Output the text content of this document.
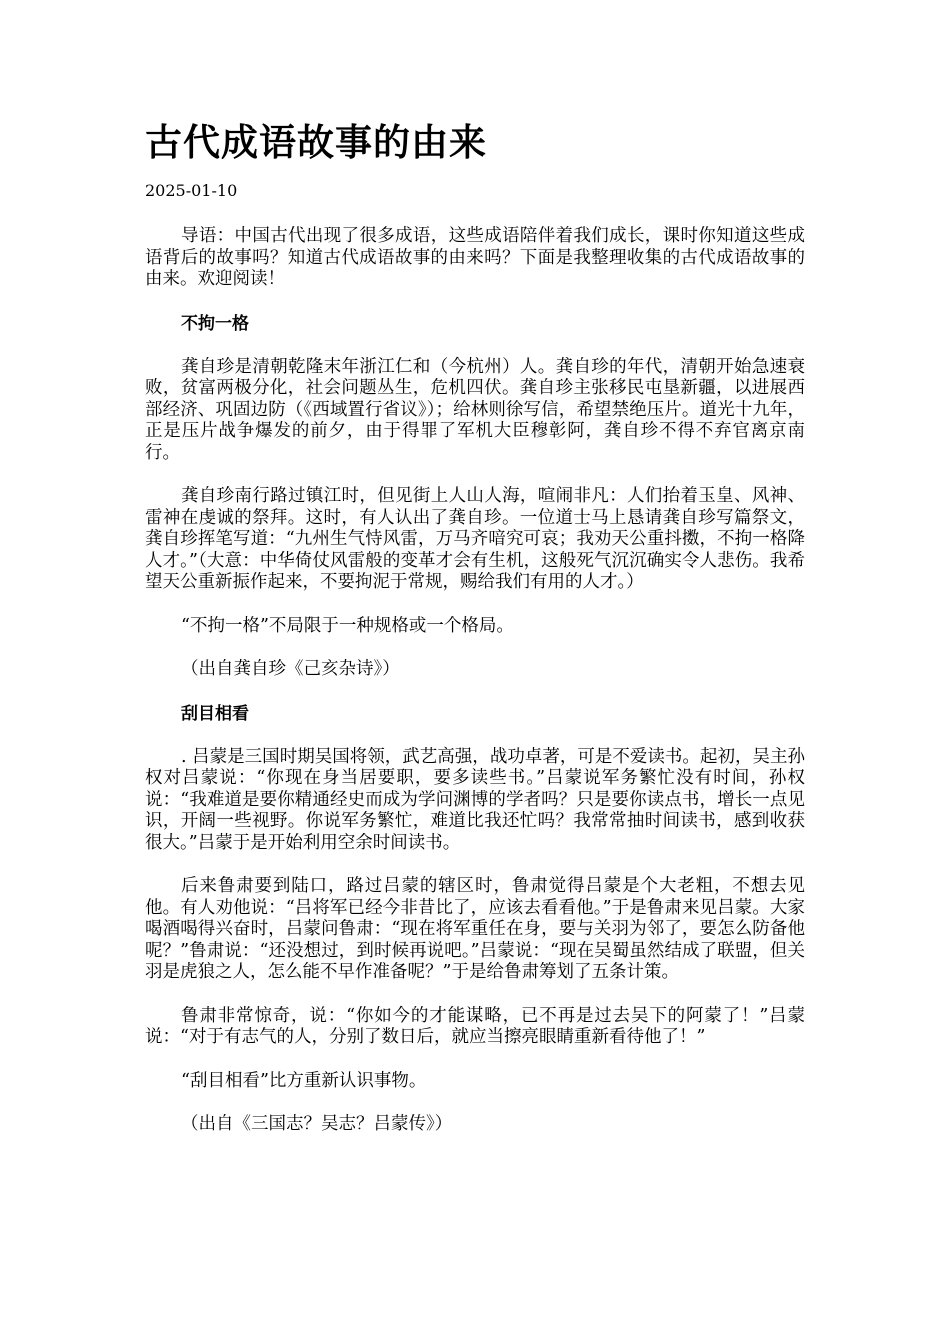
古代成语故事的由来
2025-01-10

导语：中国古代出现了很多成语，这些成语陪伴着我们成长，课时你知道这些成语背后的故事吗？知道古代成语故事的由来吗？下面是我整理收集的古代成语故事的由来。欢迎阅读！

不拘一格

龚自珍是清朝乾隆末年浙江仁和（今杭州）人。龚自珍的年代，清朝开始急速衰败，贫富两极分化，社会问题丛生，危机四伏。龚自珍主张移民屯垦新疆，以进展西部经济、巩固边防（《西域置行省议》）；给林则徐写信，希望禁绝压片。道光十九年，正是压片战争爆发的前夕，由于得罪了军机大臣穆彰阿，龚自珍不得不弃官离京南行。

龚自珍南行路过镇江时，但见街上人山人海，喧闹非凡：人们抬着玉皇、风神、雷神在虔诚的祭拜。这时，有人认出了龚自珍。一位道士马上恳请龚自珍写篇祭文，龚自珍挥笔写道：“九州生气恃风雷，万马齐喑究可哀；我劝天公重抖擞，不拘一格降人才。”（大意：中华倚仗风雷般的变革才会有生机，这般死气沉沉确实令人悲伤。我希望天公重新振作起来，不要拘泥于常规，赐给我们有用的人才。）

“不拘一格”不局限于一种规格或一个格局。

（出自龚自珍《己亥杂诗》）

刮目相看

. 吕蒙是三国时期吴国将领，武艺高强，战功卓著，可是不爱读书。起初，吴主孙权对吕蒙说：“你现在身当居要职，要多读些书。”吕蒙说军务繁忙没有时间，孙权说：“我难道是要你精通经史而成为学问渊博的学者吗？只是要你读点书，增长一点见识，开阔一些视野。你说军务繁忙，难道比我还忙吗？我常常抽时间读书，感到收获很大。”吕蒙于是开始利用空余时间读书。

后来鲁肃要到陆口，路过吕蒙的辖区时，鲁肃觉得吕蒙是个大老粗，不想去见他。有人劝他说：“吕将军已经今非昔比了，应该去看看他。”于是鲁肃来见吕蒙。大家喝酒喝得兴奋时，吕蒙问鲁肃：“现在将军重任在身，要与关羽为邻了，要怎么防备他呢？”鲁肃说：“还没想过，到时候再说吧。”吕蒙说：“现在吴蜀虽然结成了联盟，但关羽是虎狼之人，怎么能不早作准备呢？”于是给鲁肃筹划了五条计策。

鲁肃非常惊奇，说：“你如今的才能谋略，已不再是过去吴下的阿蒙了！”吕蒙说：“对于有志气的人，分别了数日后，就应当擦亮眼睛重新看待他了！”

“刮目相看”比方重新认识事物。

（出自《三国志？吴志？吕蒙传》）
